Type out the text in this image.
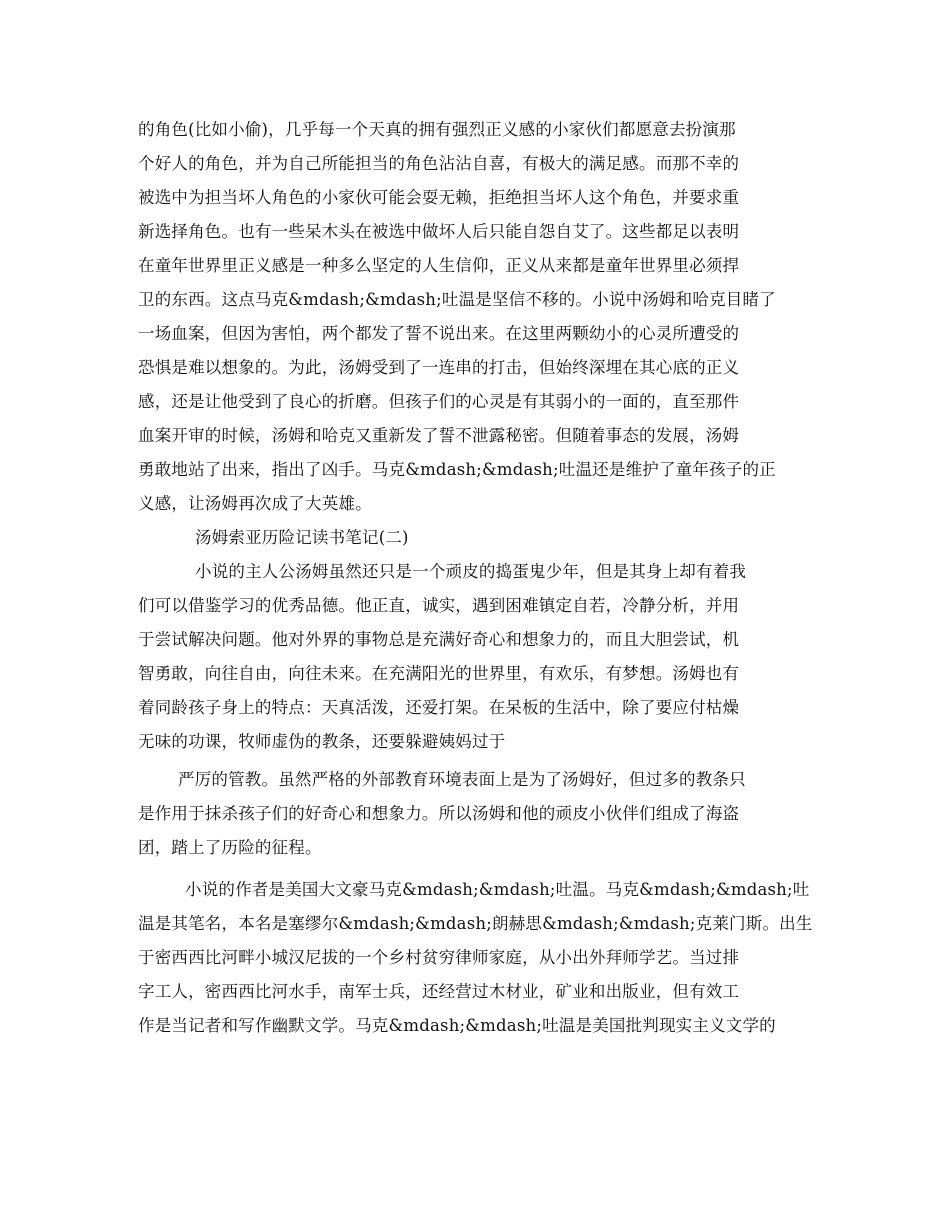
的角色(比如小偷)，几乎每一个天真的拥有强烈正义感的小家伙们都愿意去扮演那
个好人的角色，并为自己所能担当的角色沾沾自喜，有极大的满足感。而那不幸的
被选中为担当坏人角色的小家伙可能会耍无赖，拒绝担当坏人这个角色，并要求重
新选择角色。也有一些呆木头在被选中做坏人后只能自怨自艾了。这些都足以表明
在童年世界里正义感是一种多么坚定的人生信仰，正义从来都是童年世界里必须捍
卫的东西。这点马克&mdash;&mdash;吐温是坚信不移的。小说中汤姆和哈克目睹了
一场血案，但因为害怕，两个都发了誓不说出来。在这里两颗幼小的心灵所遭受的
恐惧是难以想象的。为此，汤姆受到了一连串的打击，但始终深埋在其心底的正义
感，还是让他受到了良心的折磨。但孩子们的心灵是有其弱小的一面的，直至那件
血案开审的时候，汤姆和哈克又重新发了誓不泄露秘密。但随着事态的发展，汤姆
勇敢地站了出来，指出了凶手。马克&mdash;&mdash;吐温还是维护了童年孩子的正
义感，让汤姆再次成了大英雄。
汤姆索亚历险记读书笔记(二)
小说的主人公汤姆虽然还只是一个顽皮的捣蛋鬼少年，但是其身上却有着我
们可以借鉴学习的优秀品德。他正直，诚实，遇到困难镇定自若，冷静分析，并用
于尝试解决问题。他对外界的事物总是充满好奇心和想象力的，而且大胆尝试，机
智勇敢，向往自由，向往未来。在充满阳光的世界里，有欢乐，有梦想。汤姆也有
着同龄孩子身上的特点：天真活泼，还爱打架。在呆板的生活中，除了要应付枯燥
无味的功课，牧师虚伪的教条，还要躲避姨妈过于
严厉的管教。虽然严格的外部教育环境表面上是为了汤姆好，但过多的教条只
是作用于抹杀孩子们的好奇心和想象力。所以汤姆和他的顽皮小伙伴们组成了海盗
团，踏上了历险的征程。
小说的作者是美国大文豪马克&mdash;&mdash;吐温。马克&mdash;&mdash;吐
温是其笔名，本名是塞缪尔&mdash;&mdash;朗赫思&mdash;&mdash;克莱门斯。出生
于密西西比河畔小城汉尼拔的一个乡村贫穷律师家庭，从小出外拜师学艺。当过排
字工人，密西西比河水手，南军士兵，还经营过木材业，矿业和出版业，但有效工
作是当记者和写作幽默文学。马克&mdash;&mdash;吐温是美国批判现实主义文学的
